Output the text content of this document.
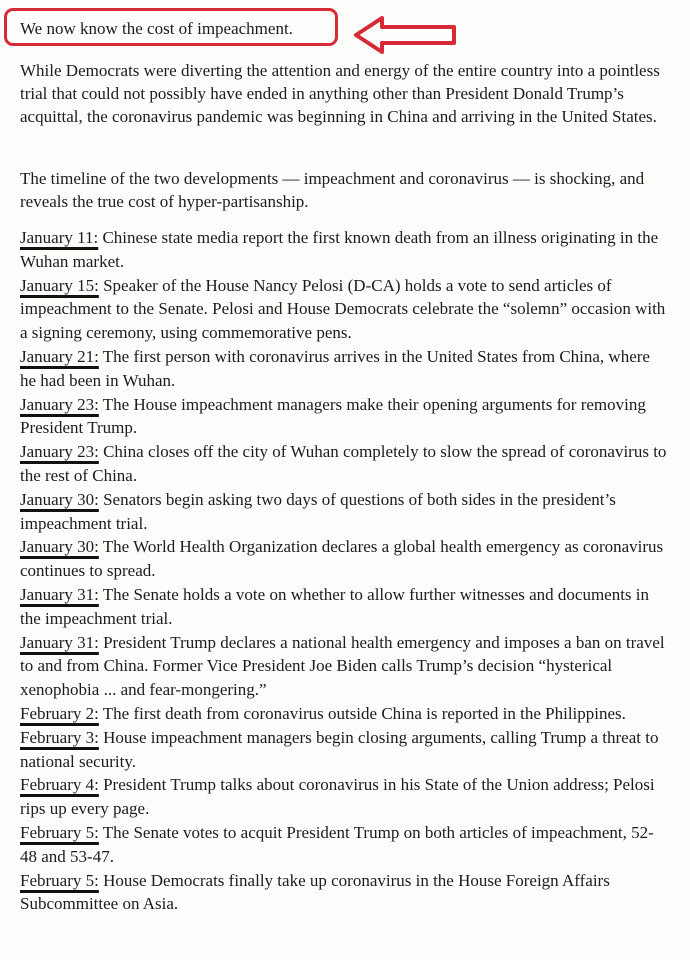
We now know the cost of impeachment.

While Democrats were diverting the attention and energy of the entire country into a pointless trial that could not possibly have ended in anything other than President Donald Trump’s acquittal, the coronavirus pandemic was beginning in China and arriving in the United States.

The timeline of the two developments — impeachment and coronavirus — is shocking, and reveals the true cost of hyper-partisanship.

January 11: Chinese state media report the first known death from an illness originating in the Wuhan market.
January 15: Speaker of the House Nancy Pelosi (D-CA) holds a vote to send articles of impeachment to the Senate. Pelosi and House Democrats celebrate the “solemn” occasion with a signing ceremony, using commemorative pens.
January 21: The first person with coronavirus arrives in the United States from China, where he had been in Wuhan.
January 23: The House impeachment managers make their opening arguments for removing President Trump.
January 23: China closes off the city of Wuhan completely to slow the spread of coronavirus to the rest of China.
January 30: Senators begin asking two days of questions of both sides in the president’s impeachment trial.
January 30: The World Health Organization declares a global health emergency as coronavirus continues to spread.
January 31: The Senate holds a vote on whether to allow further witnesses and documents in the impeachment trial.
January 31: President Trump declares a national health emergency and imposes a ban on travel to and from China. Former Vice President Joe Biden calls Trump’s decision “hysterical xenophobia ... and fear-mongering.”
February 2: The first death from coronavirus outside China is reported in the Philippines.
February 3: House impeachment managers begin closing arguments, calling Trump a threat to national security.
February 4: President Trump talks about coronavirus in his State of the Union address; Pelosi rips up every page.
February 5: The Senate votes to acquit President Trump on both articles of impeachment, 52-48 and 53-47.
February 5: House Democrats finally take up coronavirus in the House Foreign Affairs Subcommittee on Asia.
